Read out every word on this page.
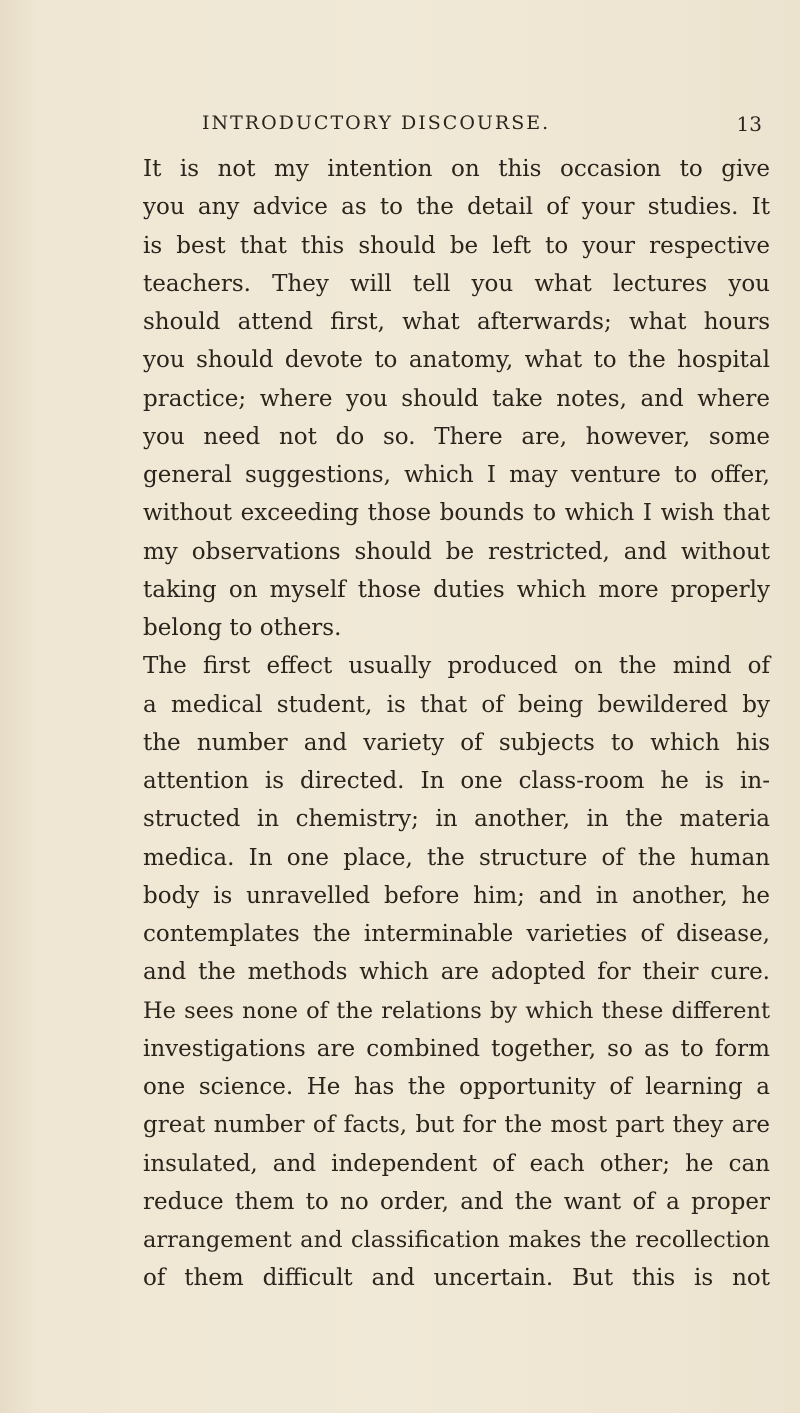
INTRODUCTORY DISCOURSE.	13
It is not my intention on this occasion to give
you any advice as to the detail of your studies. It
is best that this should be left to your respective
teachers. They will tell you what lectures you
should attend first, what afterwards; what hours
you should devote to anatomy, what to the hospital
practice; where you should take notes, and where
you need not do so. There are, however, some
general suggestions, which I may venture to offer,
without exceeding those bounds to which I wish that
my observations should be restricted, and without
taking on myself those duties which more properly
belong to others.
The first effect usually produced on the mind of
a medical student, is that of being bewildered by
the number and variety of subjects to which his
attention is directed. In one class-room he is in-
structed in chemistry; in another, in the materia
medica. In one place, the structure of the human
body is unravelled before him; and in another, he
contemplates the interminable varieties of disease,
and the methods which are adopted for their cure.
He sees none of the relations by which these different
investigations are combined together, so as to form
one science. He has the opportunity of learning a
great number of facts, but for the most part they are
insulated, and independent of each other; he can
reduce them to no order, and the want of a proper
arrangement and classification makes the recollection
of them difficult and uncertain. But this is not
